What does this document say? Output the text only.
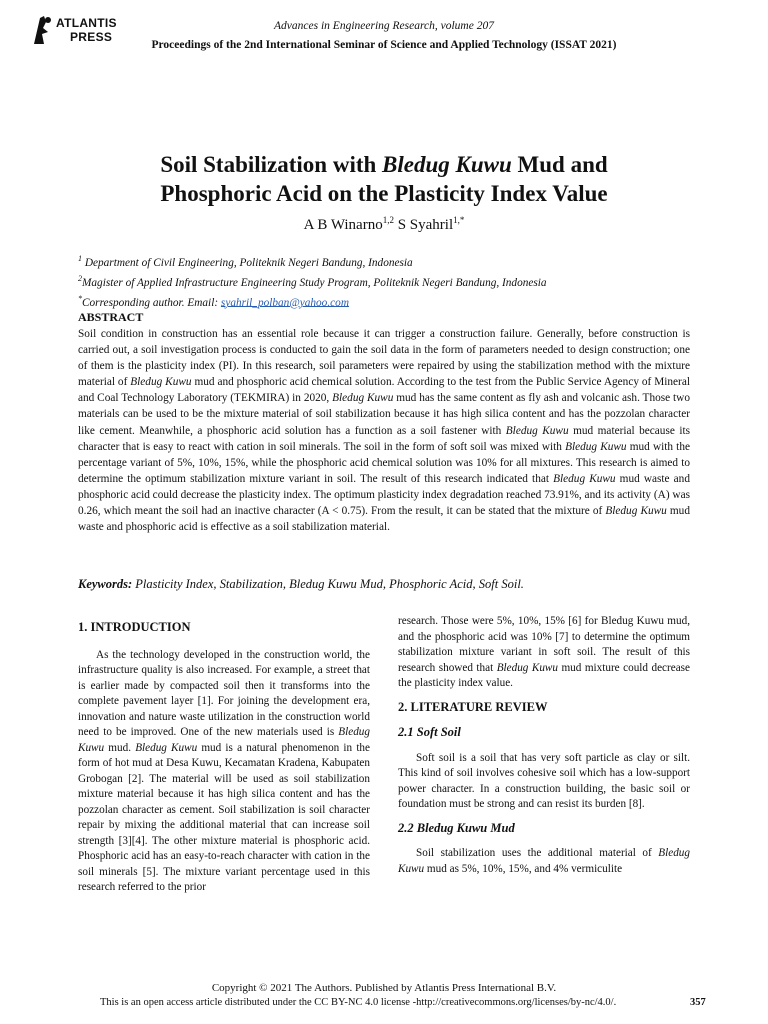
ATLANTIS
PRESS
Advances in Engineering Research, volume 207
Proceedings of the 2nd International Seminar of Science and Applied Technology (ISSAT 2021)
Soil Stabilization with Bledug Kuwu Mud and
Phosphoric Acid on the Plasticity Index Value
A B Winarno$^{1,2}$ S Syahril$^{1,*}$
$^1$ Department of Civil Engineering, Politeknik Negeri Bandung, Indonesia
$^2$Magister of Applied Infrastructure Engineering Study Program, Politeknik Negeri Bandung, Indonesia
*Corresponding author. Email: syahril_polban@yahoo.com
ABSTRACT
Soil condition in construction has an essential role because it can trigger a construction failure. Generally, before construction is carried out, a soil investigation process is conducted to gain the soil data in the form of parameters needed to design construction; one of them is the plasticity index (PI). In this research, soil parameters were repaired by using the stabilization method with the mixture material of Bledug Kuwu mud and phosphoric acid chemical solution. According to the test from the Public Service Agency of Mineral and Coal Technology Laboratory (TEKMIRA) in 2020, Bledug Kuwu mud has the same content as fly ash and volcanic ash. Those two materials can be used to be the mixture material of soil stabilization because it has high silica content and has the pozzolan character like cement. Meanwhile, a phosphoric acid solution has a function as a soil fastener with Bledug Kuwu mud material because its character that is easy to react with cation in soil minerals. The soil in the form of soft soil was mixed with Bledug Kuwu mud with the percentage variant of 5%, 10%, 15%, while the phosphoric acid chemical solution was 10% for all mixtures. This research is aimed to determine the optimum stabilization mixture variant in soil. The result of this research indicated that Bledug Kuwu mud waste and phosphoric acid could decrease the plasticity index. The optimum plasticity index degradation reached 73.91%, and its activity (A) was 0.26, which meant the soil had an inactive character (A < 0.75). From the result, it can be stated that the mixture of Bledug Kuwu mud waste and phosphoric acid is effective as a soil stabilization material.
Keywords: Plasticity Index, Stabilization, Bledug Kuwu Mud, Phosphoric Acid, Soft Soil.
1. INTRODUCTION

As the technology developed in the construction world, the infrastructure quality is also increased. For example, a street that is earlier made by compacted soil then it transforms into the complete pavement layer [1]. For joining the development era, innovation and nature waste utilization in the construction world need to be improved. One of the new materials used is Bledug Kuwu mud. Bledug Kuwu mud is a natural phenomenon in the form of hot mud at Desa Kuwu, Kecamatan Kradena, Kabupaten Grobogan [2]. The material will be used as soil stabilization mixture material because it has high silica content and has the pozzolan character as cement. Soil stabilization is soil character repair by mixing the additional material that can increase soil strength [3][4]. The other mixture material is phosphoric acid. Phosphoric acid has an easy-to-reach character with cation in the soil minerals [5]. The mixture variant percentage used in this research referred to the prior

research. Those were 5%, 10%, 15% [6] for Bledug Kuwu mud, and the phosphoric acid was 10% [7] to determine the optimum stabilization mixture variant in soft soil. The result of this research showed that Bledug Kuwu mud mixture could decrease the plasticity index value.

2. LITERATURE REVIEW
2.1 Soft Soil

Soft soil is a soil that has very soft particle as clay or silt. This kind of soil involves cohesive soil which has a low-support power character. In a construction building, the basic soil or foundation must be strong and can resist its burden [8].

2.2 Bledug Kuwu Mud

Soil stabilization uses the additional material of Bledug Kuwu mud as 5%, 10%, 15%, and 4% vermiculite

Copyright © 2021 The Authors. Published by Atlantis Press International B.V.
This is an open access article distributed under the CC BY-NC 4.0 license -http://creativecommons.org/licenses/by-nc/4.0/.	357
